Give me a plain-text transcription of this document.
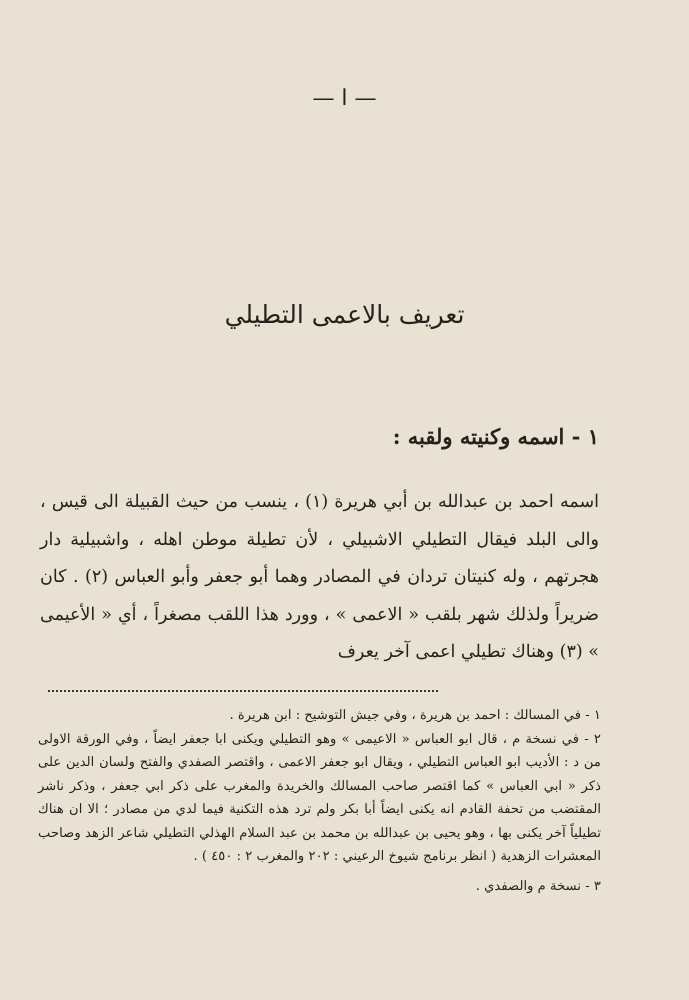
— ا —
تعريف بالاعمى التطيلي
١ - اسمه وكنيته ولقبه :

اسمه احمد بن عبدالله بن أبي هريرة (١) ، ينسب من حيث القبيلة الى قيس ، والى البلد فيقال التطيلي الاشبيلي ، لأن تطيلة موطن اهله ، واشبيلية دار هجرتهم ، وله كنيتان تردان في المصادر وهما أبو جعفر وأبو العباس (٢) . كان ضريراً ولذلك شهر بلقب « الاعمى » ، وورد هذا اللقب مصغراً ، أي « الأعيمى » (٣) وهناك تطيلي اعمى آخر يعرف

١ - في المسالك : احمد بن هريرة ، وفي جيش التوشيح : ابن هريرة .
٢ - في نسخة م ، قال ابو العباس « الاعيمى » وهو التطيلي ويكنى ابا جعفر ايضاً ، وفي الورقة الاولى من د : الأديب ابو العباس التطيلي ، ويقال ابو جعفر الاعمى ، واقتصر الصفدي والفتح ولسان الدين على ذكر « ابي العباس » كما اقتصر صاحب المسالك والخريدة والمغرب على ذكر ابي جعفر ، وذكر ناشر المقتضب من تحفة القادم انه يكنى ايضاً أبا بكر ولم ترد هذه التكنية فيما لدي من مصادر ؛ الا ان هناك تطيلياً آخر يكنى بها ، وهو يحيى بن عبدالله بن محمد بن عبد السلام الهذلي التطيلي شاعر الزهد وصاحب المعشرات الزهدية ( انظر برنامج شيوخ الرعيني : ٢٠٢ والمغرب ٢ : ٤٥٠ ) .
٣ - نسخة م والصفدي .
